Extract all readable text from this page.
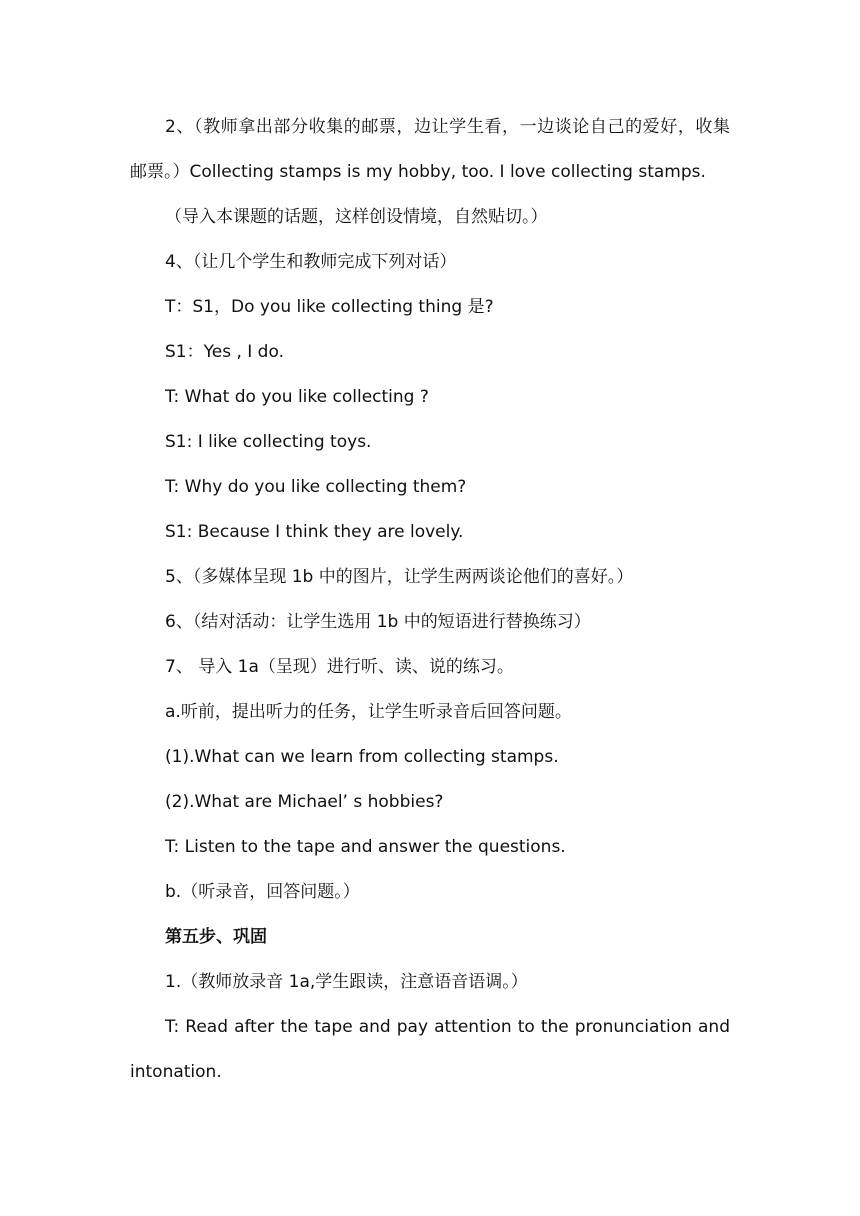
2、（教师拿出部分收集的邮票，边让学生看，一边谈论自己的爱好，收集
邮票。）Collecting stamps is my hobby, too. I love collecting stamps.
（导入本课题的话题，这样创设情境，自然贴切。）
4、（让几个学生和教师完成下列对话）
T：S1，Do you like collecting thing 是?
S1：Yes , I do.
T: What do you like collecting ?
S1: I like collecting toys.
T: Why do you like collecting them?
S1: Because I think they are lovely.
5、（多媒体呈现 1b 中的图片，让学生两两谈论他们的喜好。）
6、（结对活动：让学生选用 1b 中的短语进行替换练习）
7、 导入 1a（呈现）进行听、读、说的练习。
a.听前，提出听力的任务，让学生听录音后回答问题。
(1).What can we learn from collecting stamps.
(2).What are Michael’ s hobbies?
T: Listen to the tape and answer the questions.
b.（听录音，回答问题。）
第五步、巩固
1.（教师放录音 1a,学生跟读，注意语音语调。）
T: Read after the tape and pay attention to the pronunciation and
intonation.
